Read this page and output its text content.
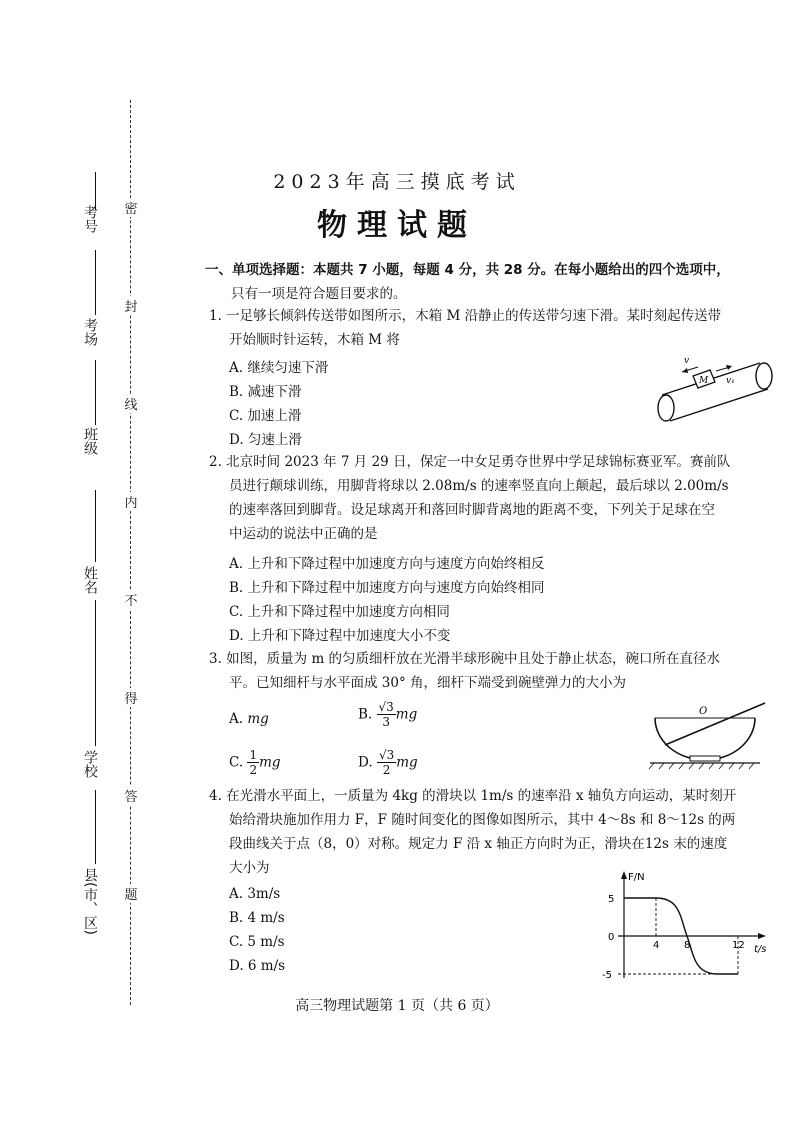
考号
考场
班级
姓名
学校
县(市、区)
密
封
线
内
不
得
答
题
2023年高三摸底考试
物理试题
一、单项选择题：本题共 7 小题，每题 4 分，共 28 分。在每小题给出的四个选项中，
只有一项是符合题目要求的。
1. 一足够长倾斜传送带如图所示，木箱 M 沿静止的传送带匀速下滑。某时刻起传送带
开始顺时针运转，木箱 M 将
A. 继续匀速下滑
B. 减速下滑
C. 加速上滑
D. 匀速上滑
v
M v₁
2. 北京时间 2023 年 7 月 29 日，保定一中女足勇夺世界中学足球锦标赛亚军。赛前队
员进行颠球训练，用脚背将球以 2.08m/s 的速率竖直向上颠起，最后球以 2.00m/s
的速率落回到脚背。设足球离开和落回时脚背离地的距离不变，下列关于足球在空
中运动的说法中正确的是
A. 上升和下降过程中加速度方向与速度方向始终相反
B. 上升和下降过程中加速度方向与速度方向始终相同
C. 上升和下降过程中加速度方向相同
D. 上升和下降过程中加速度大小不变
3. 如图，质量为 m 的匀质细杆放在光滑半球形碗中且处于静止状态，碗口所在直径水
平。已知细杆与水平面成 30° 角，细杆下端受到碗壁弹力的大小为
A. mg	B. $\frac{√3}{3}$ mg
C. $\frac{1}{2}$ mg	D. $\frac{√3}{2}$ mg
O
4. 在光滑水平面上，一质量为 4kg 的滑块以 1m/s 的速率沿 x 轴负方向运动，某时刻开
始给滑块施加作用力 F，F 随时间变化的图像如图所示，其中 4～8s 和 8～12s 的两
段曲线关于点（8，0）对称。规定力 F 沿 x 轴正方向时为正，滑块在12s 末的速度
大小为
A. 3m/s
B. 4 m/s
C. 5 m/s
D. 6 m/s
F/N
t/s
5
0
-5
4 8	12
高三物理试题第 1 页（共 6 页）
